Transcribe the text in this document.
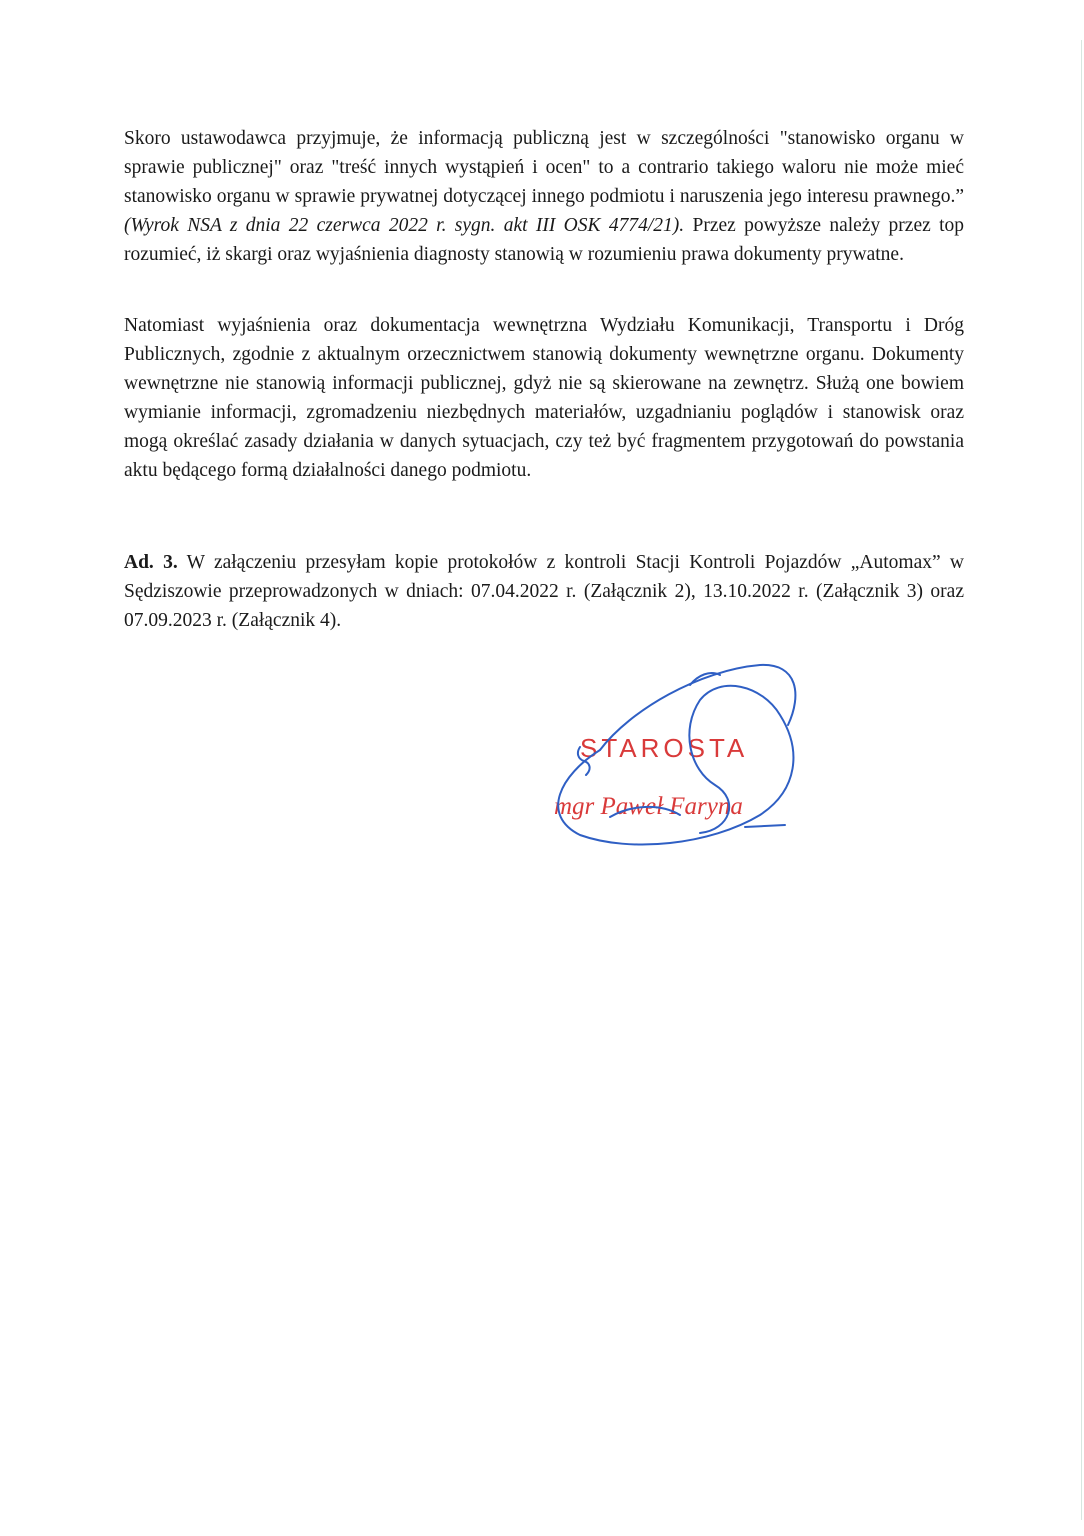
Skoro ustawodawca przyjmuje, że informacją publiczną jest w szczególności "stanowisko organu w sprawie publicznej" oraz "treść innych wystąpień i ocen" to a contrario takiego waloru nie może mieć stanowisko organu w sprawie prywatnej dotyczącej innego podmiotu i naruszenia jego interesu prawnego.” (Wyrok NSA z dnia 22 czerwca 2022 r. sygn. akt III OSK 4774/21). Przez powyższe należy przez top rozumieć, iż skargi oraz wyjaśnienia diagnosty stanowią w rozumieniu prawa dokumenty prywatne.

Natomiast wyjaśnienia oraz dokumentacja wewnętrzna Wydziału Komunikacji, Transportu i Dróg Publicznych, zgodnie z aktualnym orzecznictwem stanowią dokumenty wewnętrzne organu. Dokumenty wewnętrzne nie stanowią informacji publicznej, gdyż nie są skierowane na zewnętrz. Służą one bowiem wymianie informacji, zgromadzeniu niezbędnych materiałów, uzgadnianiu poglądów i stanowisk oraz mogą określać zasady działania w danych sytuacjach, czy też być fragmentem przygotowań do powstania aktu będącego formą działalności danego podmiotu.

Ad. 3. W załączeniu przesyłam kopie protokołów z kontroli Stacji Kontroli Pojazdów „Automax” w Sędziszowie przeprowadzonych w dniach: 07.04.2022 r. (Załącznik 2), 13.10.2022 r. (Załącznik 3) oraz 07.09.2023 r. (Załącznik 4).

STAROSTA
mgr Paweł Faryna
